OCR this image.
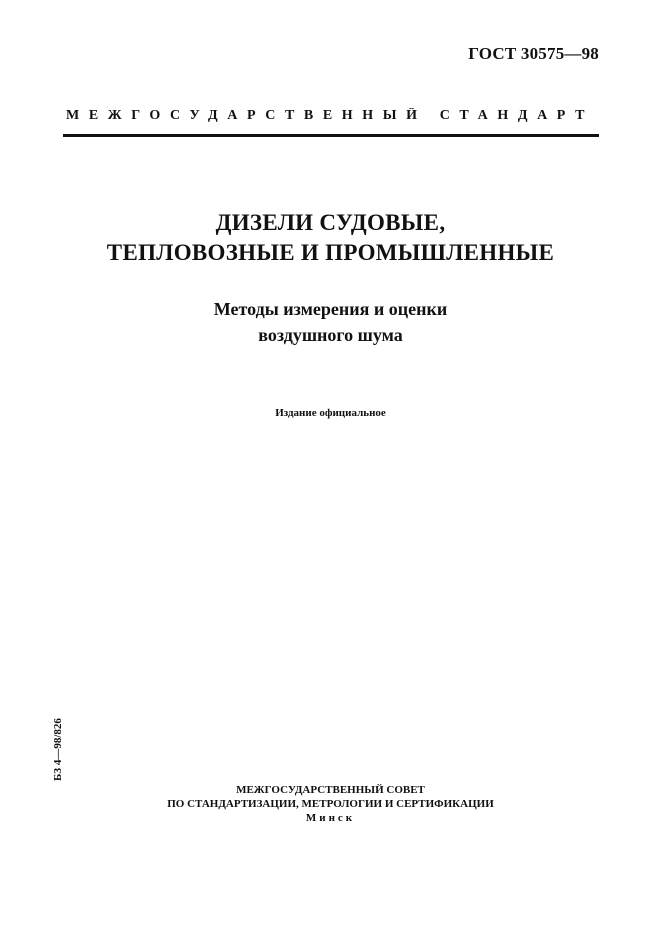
ГОСТ 30575—98
МЕЖГОСУДАРСТВЕННЫЙ СТАНДАРТ
ДИЗЕЛИ СУДОВЫЕ,
ТЕПЛОВОЗНЫЕ И ПРОМЫШЛЕННЫЕ
Методы измерения и оценки
воздушного шума
Издание официальное
БЗ 4—98/826
МЕЖГОСУДАРСТВЕННЫЙ СОВЕТ
ПО СТАНДАРТИЗАЦИИ, МЕТРОЛОГИИ И СЕРТИФИКАЦИИ
Минск
